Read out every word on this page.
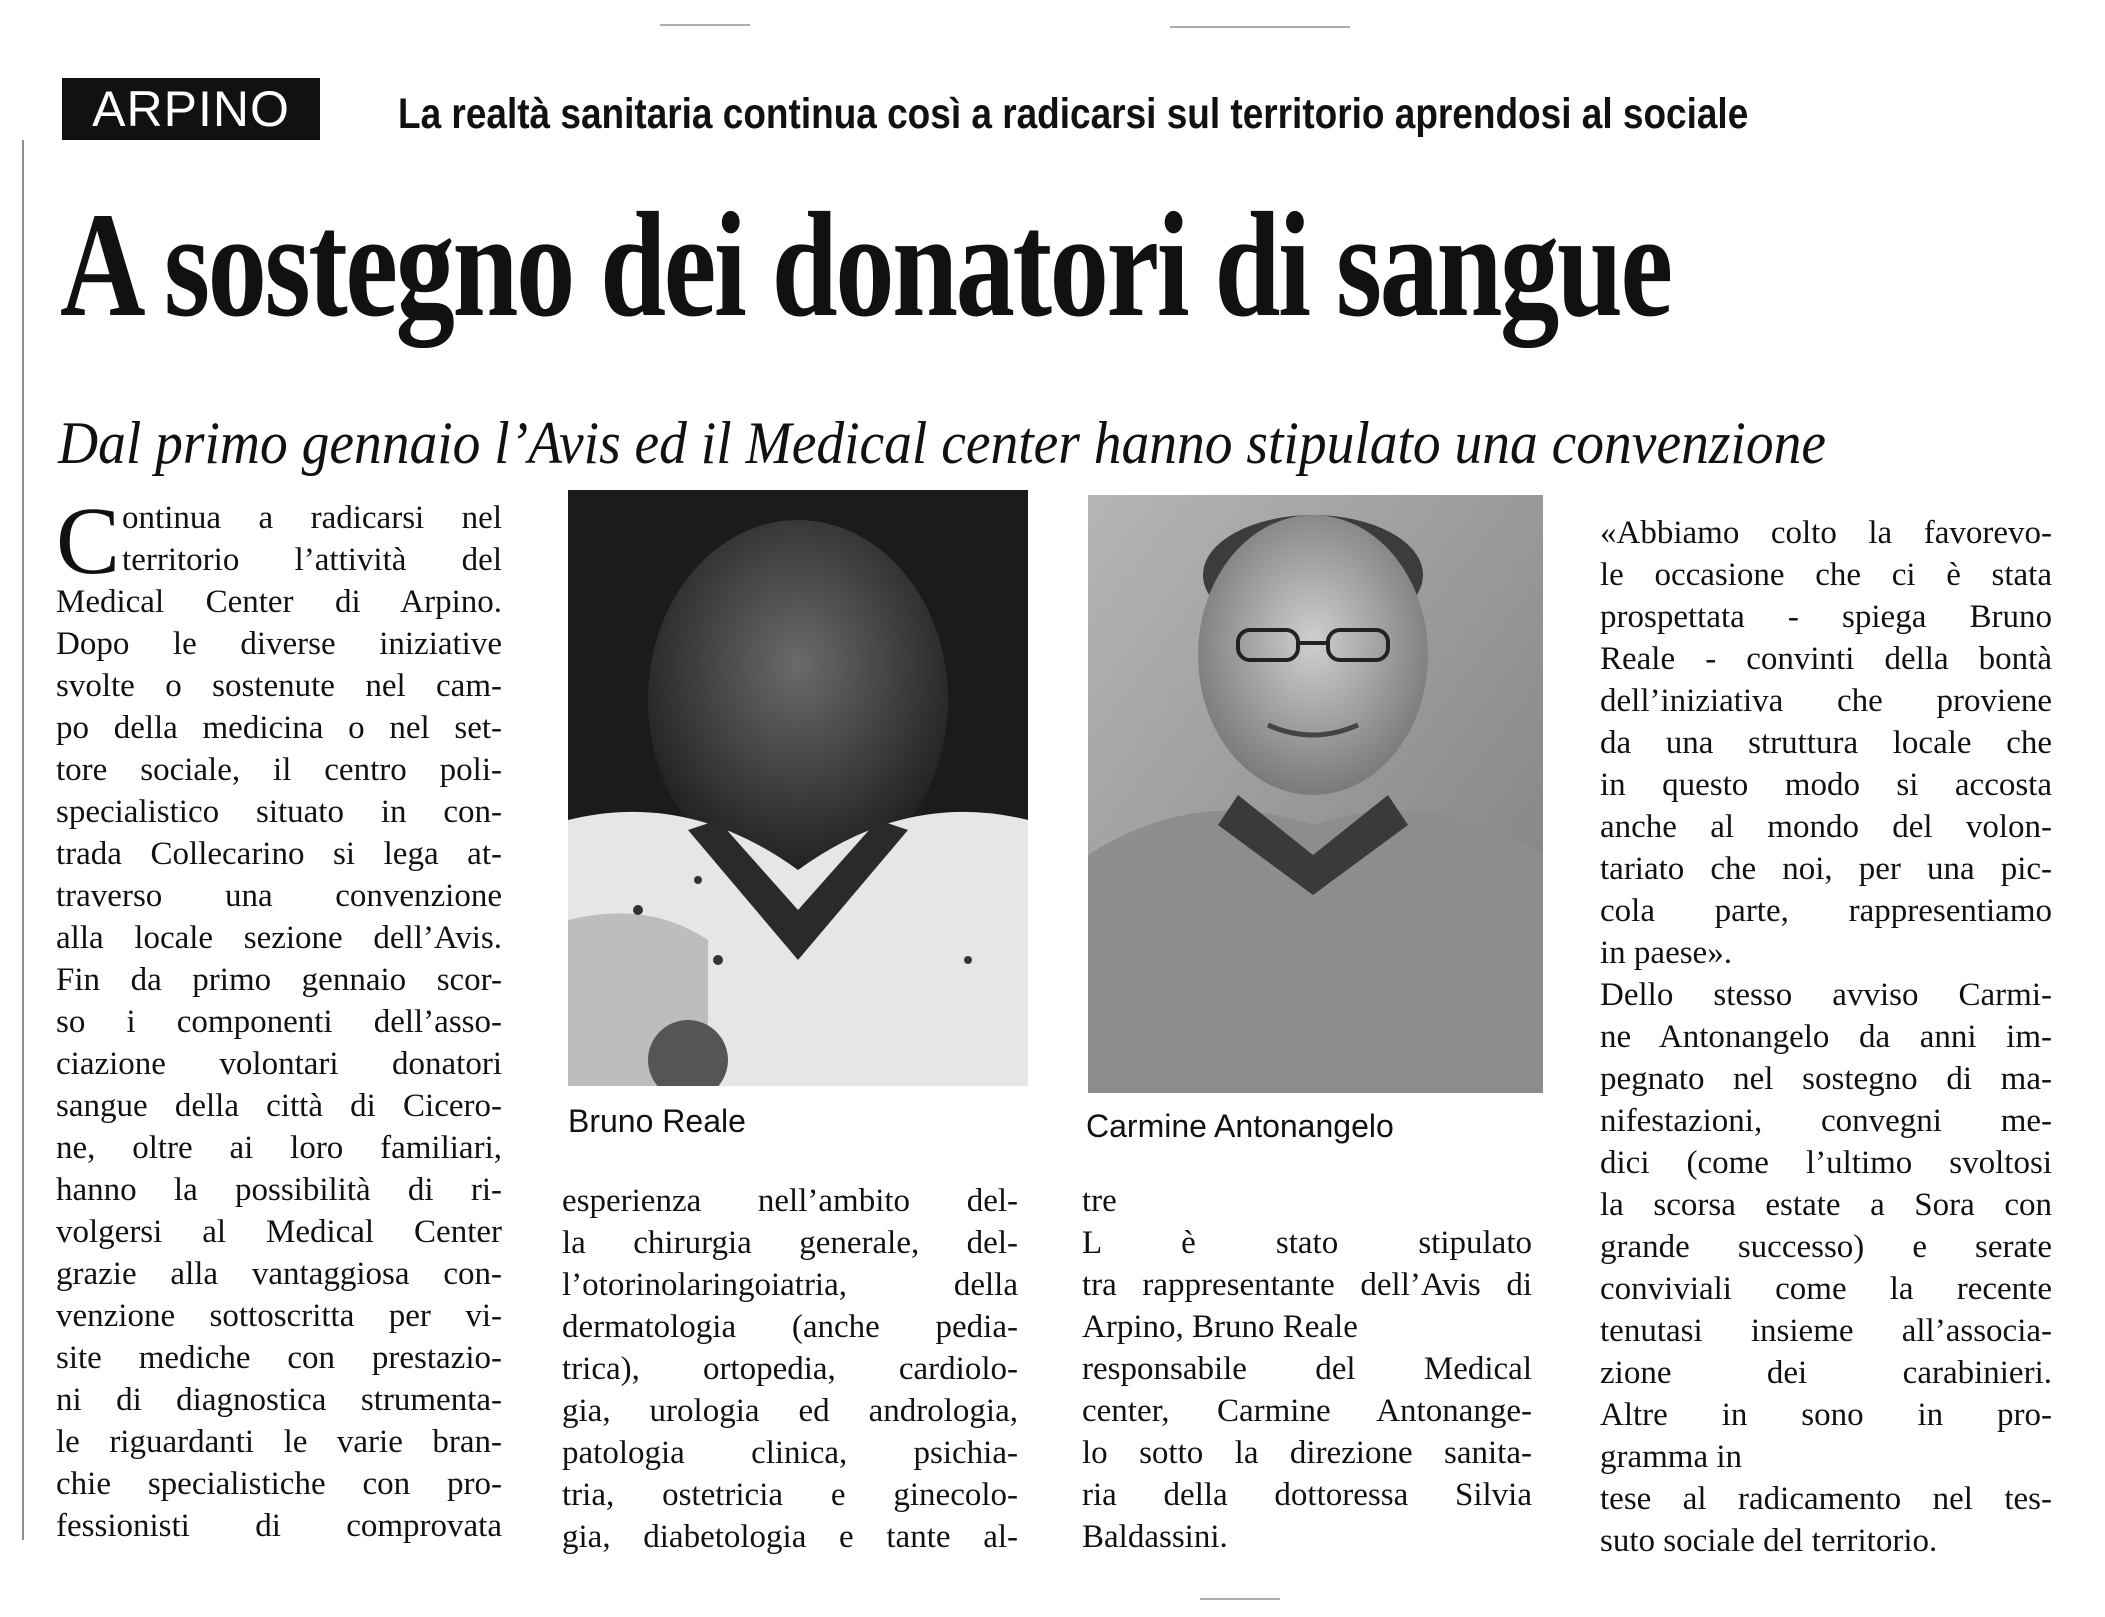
ARPINO	La realtà sanitaria continua così a radicarsi sul territorio aprendosi al sociale
A sostegno dei donatori di sangue
Dal primo gennaio l’Avis ed il Medical center hanno stipulato una convenzione
C ontinua a radicarsi nel
territorio l’attività del
Medical Center di Arpino.
Dopo le diverse iniziative
svolte o sostenute nel cam-
po della medicina o nel set-
tore sociale, il centro poli-
specialistico situato in con-
trada Collecarino si lega at-
traverso una convenzione
alla locale sezione dell’Avis.
Fin da primo gennaio scor-
so i componenti dell’asso-
ciazione volontari donatori
sangue della città di Cicero-
ne, oltre ai loro familiari,
hanno la possibilità di ri-
volgersi al Medical Center
grazie alla vantaggiosa con-
venzione sottoscritta per vi-
site mediche con prestazio-
ni di diagnostica strumenta-
le riguardanti le varie bran-
chie specialistiche con pro-
fessionisti di comprovata
Bruno Reale	Carmine Antonangelo
esperienza nell’ambito del-
la chirurgia generale, del-
l’otorinolaringoiatria, della
dermatologia (anche pedia-
trica), ortopedia, cardiolo-
gia, urologia ed andrologia,
patologia clinica, psichia-
tria, ostetricia e ginecolo-
gia, diabetologia e tante al-
tre
L è stato stipulato
tra rappresentante dell’Avis di
Arpino, Bruno Reale
responsabile del Medical
center, Carmine Antonange-
lo sotto la direzione sanita-
ria della dottoressa Silvia
Baldassini.
«Abbiamo colto la favorevo-
le occasione che ci è stata
prospettata - spiega Bruno
Reale - convinti della bontà
dell’iniziativa che proviene
da una struttura locale che
in questo modo si accosta
anche al mondo del volon-
tariato che noi, per una pic-
cola parte, rappresentiamo
in paese».
Dello stesso avviso Carmi-
ne Antonangelo da anni im-
pegnato nel sostegno di ma-
nifestazioni, convegni me-
dici (come l’ultimo svoltosi
la scorsa estate a Sora con
grande successo) e serate
conviviali come la recente
tenutasi insieme all’associa-
zione dei carabinieri.
Altre in sono in pro-
gramma in
tese al radicamento nel tes-
suto sociale del territorio.
